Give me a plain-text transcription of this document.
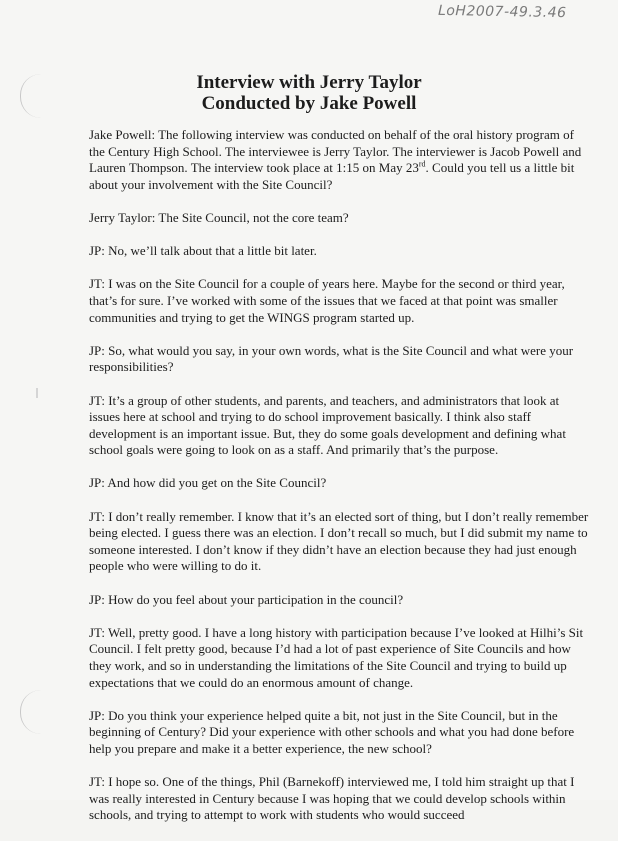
LoH2007-49.3.46
Interview with Jerry Taylor
Conducted by Jake Powell

Jake Powell: The following interview was conducted on behalf of the oral history program of the Century High School. The interviewee is Jerry Taylor. The interviewer is Jacob Powell and Lauren Thompson. The interview took place at 1:15 on May 23rd. Could you tell us a little bit about your involvement with the Site Council?

Jerry Taylor: The Site Council, not the core team?

JP: No, we’ll talk about that a little bit later.

JT: I was on the Site Council for a couple of years here. Maybe for the second or third year, that’s for sure. I’ve worked with some of the issues that we faced at that point was smaller communities and trying to get the WINGS program started up.

JP: So, what would you say, in your own words, what is the Site Council and what were your responsibilities?

JT: It’s a group of other students, and parents, and teachers, and administrators that look at issues here at school and trying to do school improvement basically. I think also staff development is an important issue. But, they do some goals development and defining what school goals were going to look on as a staff. And primarily that’s the purpose.

JP: And how did you get on the Site Council?

JT: I don’t really remember. I know that it’s an elected sort of thing, but I don’t really remember being elected. I guess there was an election. I don’t recall so much, but I did submit my name to someone interested. I don’t know if they didn’t have an election because they had just enough people who were willing to do it.

JP: How do you feel about your participation in the council?

JT: Well, pretty good. I have a long history with participation because I’ve looked at Hilhi’s Sit Council. I felt pretty good, because I’d had a lot of past experience of Site Councils and how they work, and so in understanding the limitations of the Site Council and trying to build up expectations that we could do an enormous amount of change.

JP: Do you think your experience helped quite a bit, not just in the Site Council, but in the beginning of Century? Did your experience with other schools and what you had done before help you prepare and make it a better experience, the new school?

JT: I hope so. One of the things, Phil (Barnekoff) interviewed me, I told him straight up that I was really interested in Century because I was hoping that we could develop schools within schools, and trying to attempt to work with students who would succeed
